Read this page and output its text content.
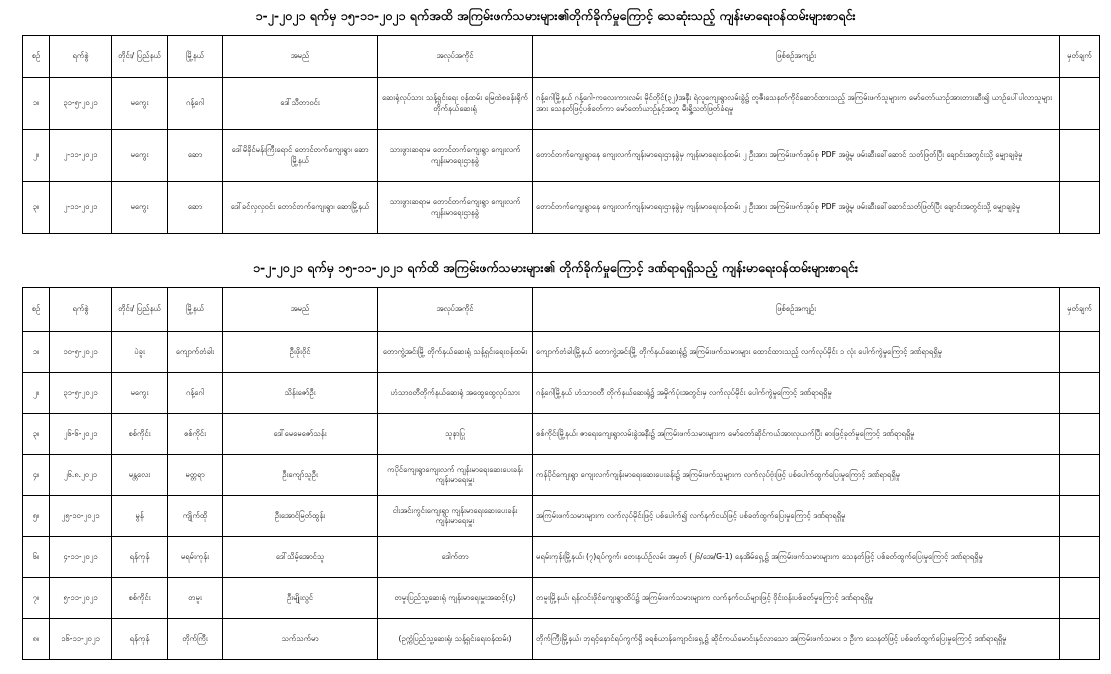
၁-၂-၂၀၂၁ ရက်မှ ၁၅-၁၁-၂၀၂၁ ရက်အထိ အကြမ်းဖက်သမားများ၏တိုက်ခိုက်မှုကြောင့် သေဆုံးသည့် ကျန်းမာရေးဝန်ထမ်းများစာရင်း
စဉ်	ရက်စွဲ	တိုင်း/ ပြည်နယ်	မြို့နယ်	အမည်	အလုပ်အကိုင်	ဖြစ်စဉ်အကျဉ်း	မှတ်ချက်
၁။	၃၁-၅-၂၀၂၁	မကွေး	ဂန့်ဂေါ	ဒေါ်သီတာဝင်း	ဆေးရုံလုပ်သား သန့်ရှင်းရေး ဝန်ထမ်း မြေထဲစခန်းရိုက်တိုက်နယ်ဆေးရုံ	ဂန့်ဂေါမြို့နယ် ဂန့်ဂေါ-ကလေးကားလမ်း မိုင်တိုင်(၃၂)အနီး ရဲလူကျေးရွာလမ်းခွဲ၌ တူဇီးသေနတ်ကိုင်ဆောင်ထားသည့် အကြမ်းဖက်သူများက မော်တော်ယာဉ်အားတားဆီး၍ ယာဉ်ပေါ်ပါလာသူများအား သေနတ်ဖြင့်ပစ်ခတ်ကာ မော်တော်ယာဉ်နှင့်အတူ မီးရှို့သတ်ဖြတ်ခံရမှု	
၂။	၂-၁၁-၂၀၂၁	မကွေး	ဆော	ဒေါ်မိခိုင်မန်းကြီးရောင် တောင်တက်ကျေးရွာ၊ ဆောမြို့နယ်	သားဖွားဆရာမ တောင်တက်ကျေးရွာ ကျေးလက် ကျန်းမာရေးဌာနခွဲ	တောင်တက်ကျေးရွာနေ ကျေးလက်ကျန်းမာရေးဌာနခွဲမှ ကျန်းမာရေးဝန်ထမ်း ၂ ဦးအား အကြမ်းဖက်အုပ်စု PDF အဖွဲ့မှ ဖမ်းဆီးခေါ်ဆောင် သတ်ဖြတ်ပြီး ချောင်းအတွင်းသို့ မျှောချခဲ့မှု	
၃။	၂-၁၁-၂၀၂၁	မကွေး	ဆော	ဒေါ်ခင်လှလှဝင်း တောင်တက်ကျေးရွာ၊ ဆောမြို့နယ်	သားဖွားဆရာမ တောင်တက်ကျေးရွာ ကျေးလက် ကျန်းမာရေးဌာနခွဲ	တောင်တက်ကျေးရွာနေ ကျေးလက်ကျန်းမာရေးဌာနခွဲမှ ကျန်းမာရေးဝန်ထမ်း ၂ ဦးအား အကြမ်းဖက်အုပ်စု PDF အဖွဲ့မှ ဖမ်းဆီးခေါ်ဆောင်သတ်ဖြတ်ပြီး ချောင်းအတွင်းသို့ မျှောချခဲ့မှု	
၁-၂-၂၀၂၁ ရက်မှ ၁၅-၁၁-၂၀၂၁ ရက်ထိ အကြမ်းဖက်သမားများ၏ တိုက်ခိုက်မှုကြောင့် ဒဏ်ရာရရှိသည့် ကျန်းမာရေးဝန်ထမ်းများစာရင်း
စဉ်	ရက်စွဲ	တိုင်း/ ပြည်နယ်	မြို့နယ်	အမည်	အလုပ်အကိုင်	ဖြစ်စဉ်အကျဉ်း	မှတ်ချက်
၁။	၁၀-၅-၂၀၂၁	ပဲခူး	ကျောက်တံခါး	ဦးဖိုးဝိုင်	တောကွဲ့အင်းမြို့ တိုက်နယ်ဆေးရုံ သန့်ရှင်းရေးဝန်ထမ်း	ကျောက်တံခါးမြို့နယ် တောကွဲ့အင်းမြို့ တိုက်နယ်ဆေးရုံ၌ အကြမ်းဖက်သမားများ ထောင်ထားသည့် လက်လုပ်မိုင်း ၁ လုံး ပေါက်ကွဲမှုကြောင့် ဒဏ်ရာရရှိမှု	
၂။	၃၁-၅-၂၀၂၁	မကွေး	ဂန့်ဂေါ	သိန်းဇော်ဦး	ဟံသာဝတီတိုက်နယ်ဆေးရုံ အထွေထွေလုပ်သား	ဂန့်ဂေါမြို့နယ် ဟံသာဝတီ တိုက်နယ်ဆေးရုံ၌ အမှိုက်ပုံးအတွင်းမှ လက်လုပ်မိုင်း ပေါက်ကွဲမှုကြောင့် ဒဏ်ရာရရှိမှု	
၃။	၂၆-၆-၂၀၂၁	စစ်ကိုင်း	စစ်ကိုင်း	ဒေါ်မေမေဇော်သန်း	သူနာပြု	စစ်ကိုင်းမြို့နယ်၊ ဇာရေးကျေးရွာလမ်းခွဲအနီး၌ အကြမ်းဖက်သမားများက မော်တော်ဆိုင်ကယ်အားလုယက်ပြီး ဓားဖြင့်ခုတ်မှုကြောင့် ဒဏ်ရာရရှိမှု	
၄။	၂၆.၈.၂၀၂၁	မန္တလေး	မတ္တရာ	ဦးကျော်သူဦး	ကပိုင်ကျေးရွာကျေးလက် ကျန်းမာရေးဆေးပေးခန်း ကျန်းမာရေးမှူး	ကန်ပိုင်ကျေးရွာ ကျေးလက်ကျန်းမာရေးဆေးပေးခန်း၌ အကြမ်းဖက်သူများက လက်လုပ်ဗုံးဖြင့် ပစ်ပေါက်ထွက်ပြေးမှုကြောင့် ဒဏ်ရာရရှိမှု	
၅။	၂၅-၁၀-၂၀၂၁	မွန်	ကျိုက်ထို	ဦးအောင်မြတ်ထွန်း	ငါးအင်းကွင်းကျေးရွာ ကျန်းမာရေးဆေးပေးခန်း ကျန်းမာရေးမှူး	အကြမ်းဖက်သမားများက လက်လုပ်မိုင်းဖြင့် ပစ်ပေါက်၍ လက်နက်ငယ်ဖြင့် ပစ်ခတ်ထွက်ပြေးမှုကြောင့် ဒဏ်ရာရရှိမှု	
၆။	၄-၁၁-၂၀၂၁	ရန်ကုန်	မရမ်းကုန်း	ဒေါ်သိမ့်အောင်သူ	ဒေါက်တာ	မရမ်းကုန်းမြို့နယ်၊ (၇)ရပ်ကွက်၊ တေးနယ်ဉ်လမ်း အမှတ် (၂၆/အေ/G-1) နေအိမ်ရှေ့၌ အကြမ်းဖက်သမားများက သေနတ်ဖြင့် ပစ်ခတ်ထွက်ပြေးမှုကြောင့် ဒဏ်ရာရရှိမှု	
၇။	၅-၁၁-၂၀၂၁	စစ်ကိုင်း	တမူး	ဦးမျိုးလွင်	တမူးပြည်သူ့ဆေးရုံ ကျန်းမာရေးမှူးအဆင့်(၄)	တမူးမြို့နယ်၊ ရန်လင်းဖိုင်ကျေးရွာထိပ်၌ အကြမ်းဖက်သမားများက လက်နက်ငယ်များဖြင့် ဝိုင်းဝန်းပစ်ခတ်မှုကြောင့် ဒဏ်ရာရရှိမှု	
၈။	၁၆-၁၁-၂၀၂၁	ရန်ကုန်	တိုက်ကြီး	သက်သက်မာ	(ဥက္ကံပြည်သူ့ဆေးရုံ၊ သန့်ရှင်းရေးဝန်ထမ်း)	တိုက်ကြီးမြို့နယ်၊ ဘုရင့်နောင်ရပ်ကွက်ရှိ ခရစ်ယာန်ကျောင်းရှေ့၌ ဆိုင်ကယ်မောင်းနှင်လာသော အကြမ်းဖက်သမား ၁ ဦးက သေနတ်ဖြင့် ပစ်ခတ်ထွက်ပြေးမှုကြောင့် ဒဏ်ရာရရှိမှု	
